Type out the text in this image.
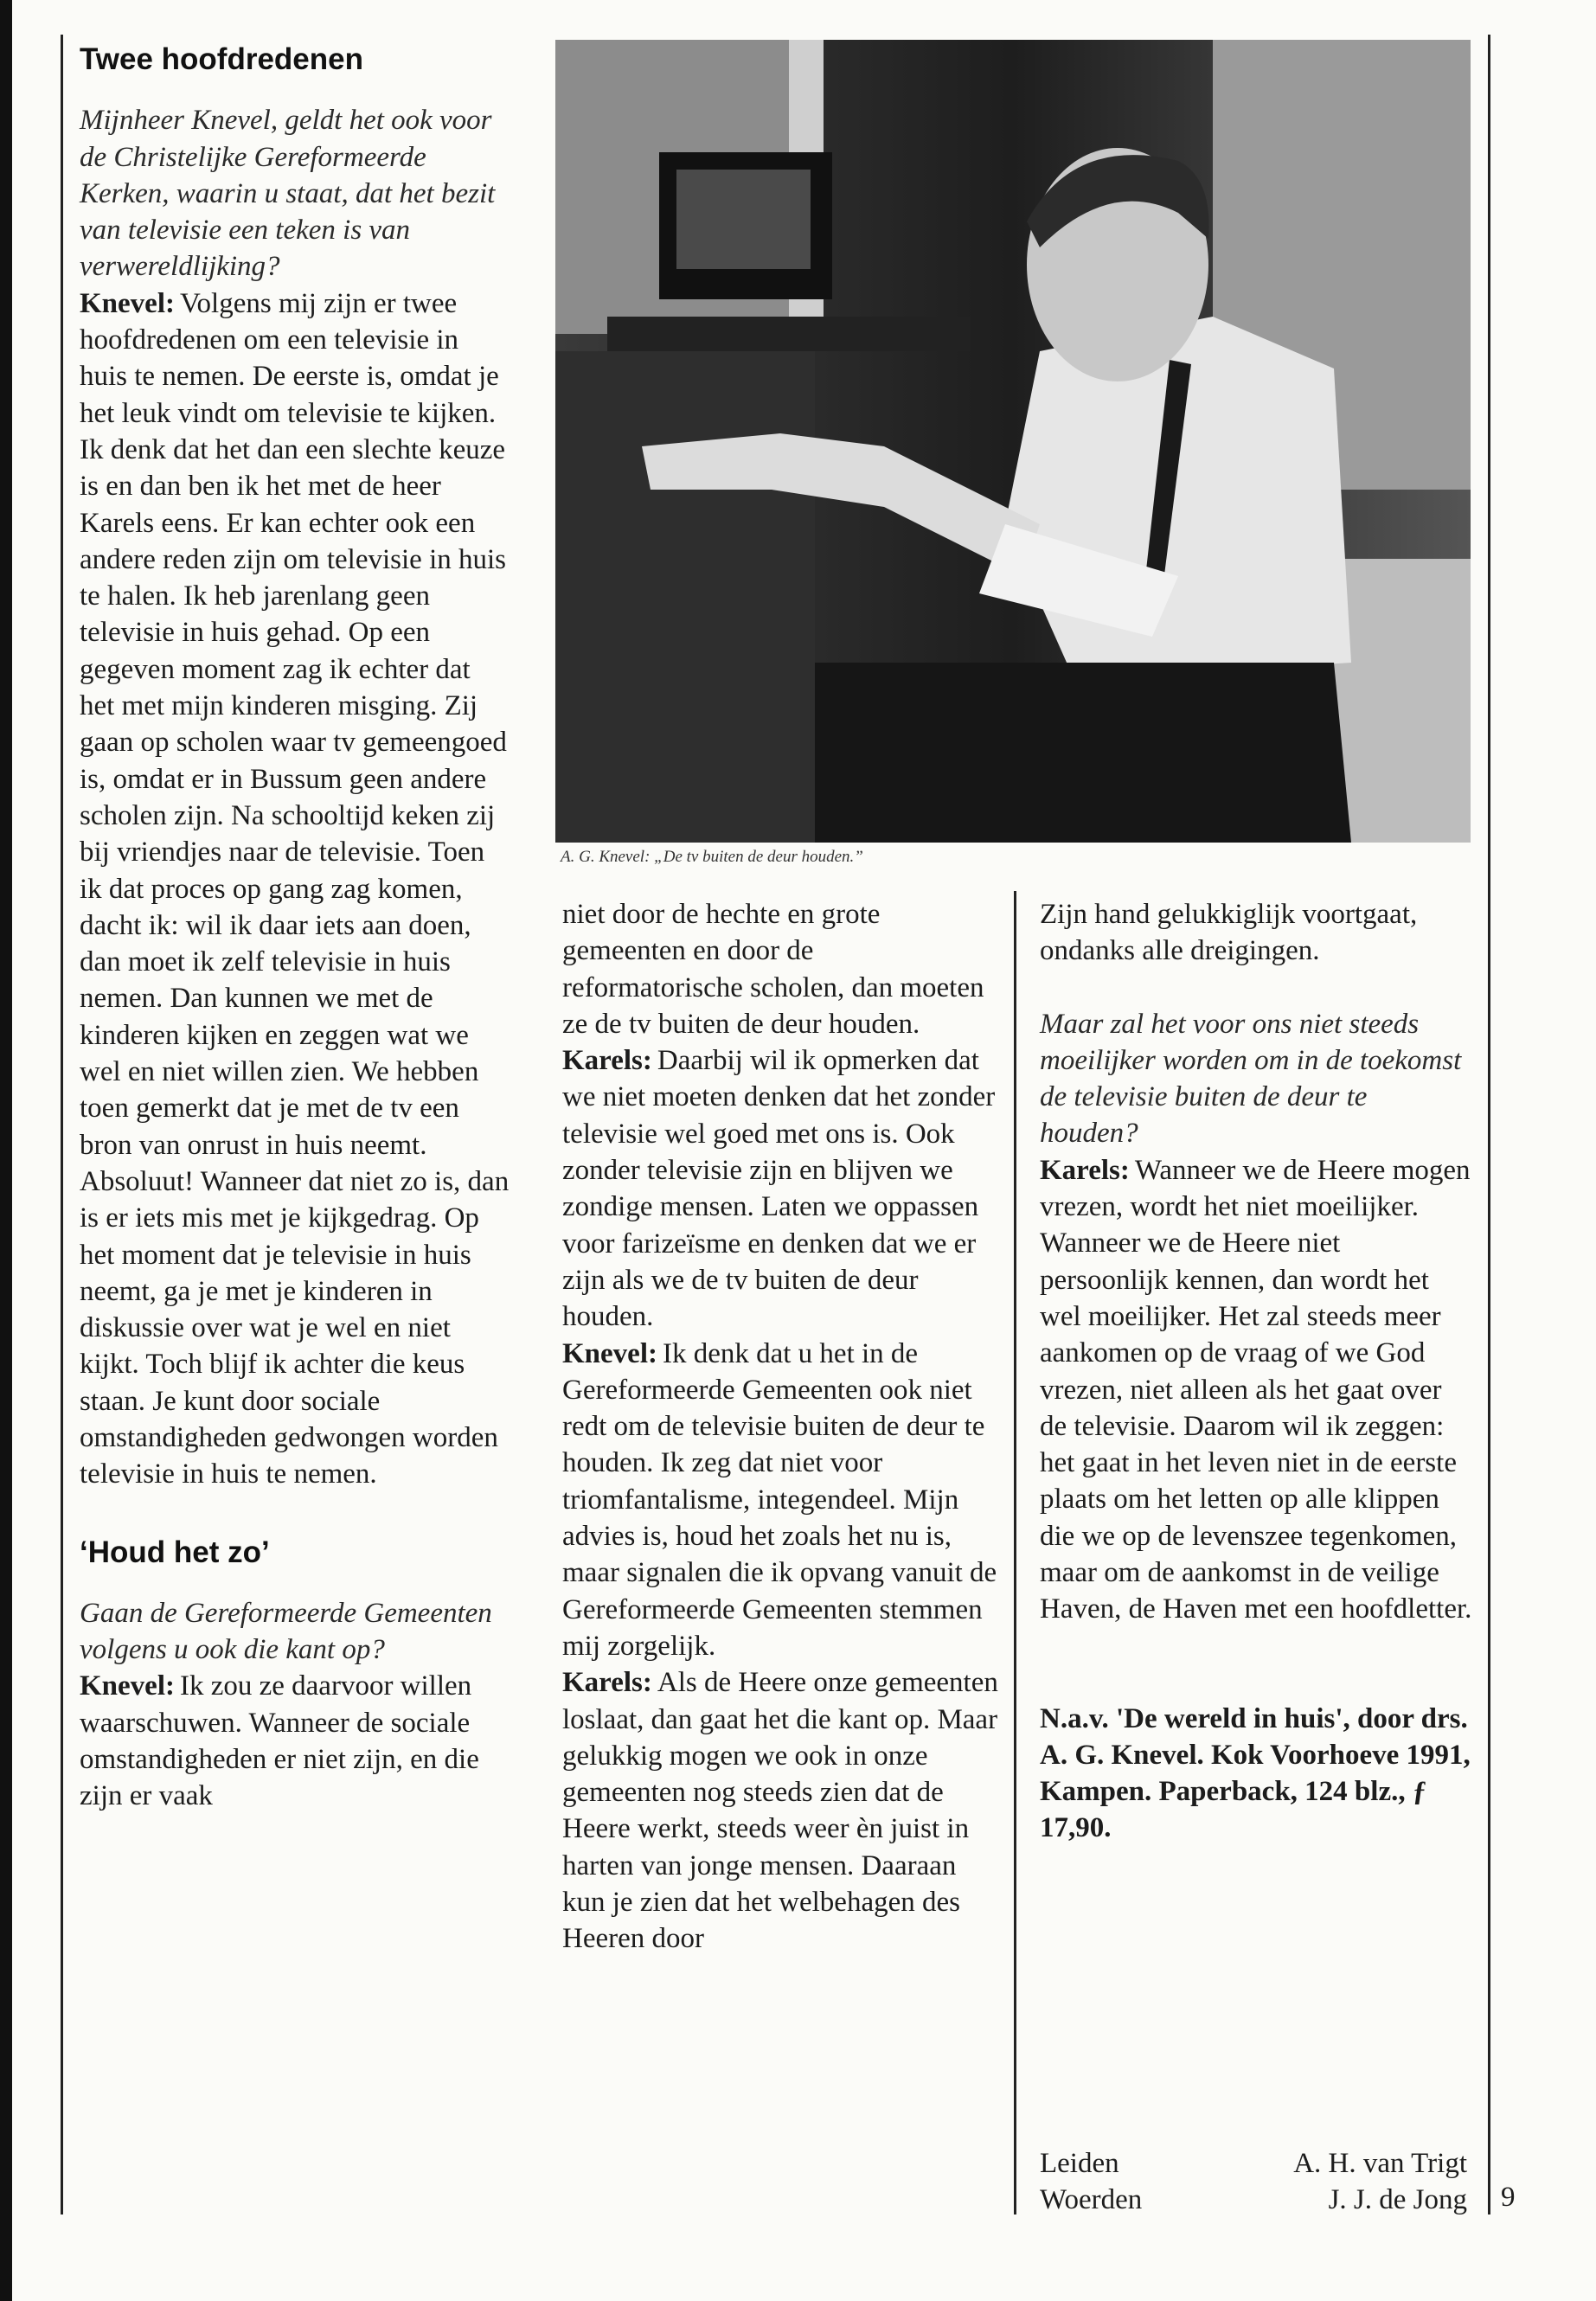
Twee hoofdredenen

Mijnheer Knevel, geldt het ook voor de Christelijke Gereformeerde Kerken, waarin u staat, dat het bezit van televisie een teken is van verwereldlijking?

Knevel: Volgens mij zijn er twee hoofdredenen om een televisie in huis te nemen. De eerste is, omdat je het leuk vindt om televisie te kijken. Ik denk dat het dan een slechte keuze is en dan ben ik het met de heer Karels eens. Er kan echter ook een andere reden zijn om televisie in huis te halen. Ik heb jarenlang geen televisie in huis gehad. Op een gegeven moment zag ik echter dat het met mijn kinderen misging. Zij gaan op scholen waar tv gemeengoed is, omdat er in Bussum geen andere scholen zijn. Na schooltijd keken zij bij vriendjes naar de televisie. Toen ik dat proces op gang zag komen, dacht ik: wil ik daar iets aan doen, dan moet ik zelf televisie in huis nemen. Dan kunnen we met de kinderen kijken en zeggen wat we wel en niet willen zien. We hebben toen gemerkt dat je met de tv een bron van onrust in huis neemt. Absoluut! Wanneer dat niet zo is, dan is er iets mis met je kijkgedrag. Op het moment dat je televisie in huis neemt, ga je met je kinderen in diskussie over wat je wel en niet kijkt. Toch blijf ik achter die keus staan. Je kunt door sociale omstandigheden gedwongen worden televisie in huis te nemen.

‘Houd het zo’

Gaan de Gereformeerde Gemeenten volgens u ook die kant op?

Knevel: Ik zou ze daarvoor willen waarschuwen. Wanneer de sociale omstandigheden er niet zijn, en die zijn er vaak

A. G. Knevel: „De tv buiten de deur houden.”

niet door de hechte en grote gemeenten en door de reformatorische scholen, dan moeten ze de tv buiten de deur houden.

Karels: Daarbij wil ik opmerken dat we niet moeten denken dat het zonder televisie wel goed met ons is. Ook zonder televisie zijn en blijven we zondige mensen. Laten we oppassen voor farizeïsme en denken dat we er zijn als we de tv buiten de deur houden.

Knevel: Ik denk dat u het in de Gereformeerde Gemeenten ook niet redt om de televisie buiten de deur te houden. Ik zeg dat niet voor triomfantalisme, integendeel. Mijn advies is, houd het zoals het nu is, maar signalen die ik opvang vanuit de Gereformeerde Gemeenten stemmen mij zorgelijk.

Karels: Als de Heere onze gemeenten loslaat, dan gaat het die kant op. Maar gelukkig mogen we ook in onze gemeenten nog steeds zien dat de Heere werkt, steeds weer èn juist in harten van jonge mensen. Daaraan kun je zien dat het welbehagen des Heeren door

Zijn hand gelukkiglijk voortgaat, ondanks alle dreigingen.

Maar zal het voor ons niet steeds moeilijker worden om in de toekomst de televisie buiten de deur te houden?

Karels: Wanneer we de Heere mogen vrezen, wordt het niet moeilijker. Wanneer we de Heere niet persoonlijk kennen, dan wordt het wel moeilijker. Het zal steeds meer aankomen op de vraag of we God vrezen, niet alleen als het gaat over de televisie. Daarom wil ik zeggen: het gaat in het leven niet in de eerste plaats om het letten op alle klippen die we op de levenszee tegenkomen, maar om de aankomst in de veilige Haven, de Haven met een hoofdletter.

N.a.v. 'De wereld in huis', door drs. A. G. Knevel. Kok Voorhoeve 1991, Kampen. Paperback, 124 blz., ƒ 17,90.

Leiden
Woerden
A. H. van Trigt
J. J. de Jong 9
